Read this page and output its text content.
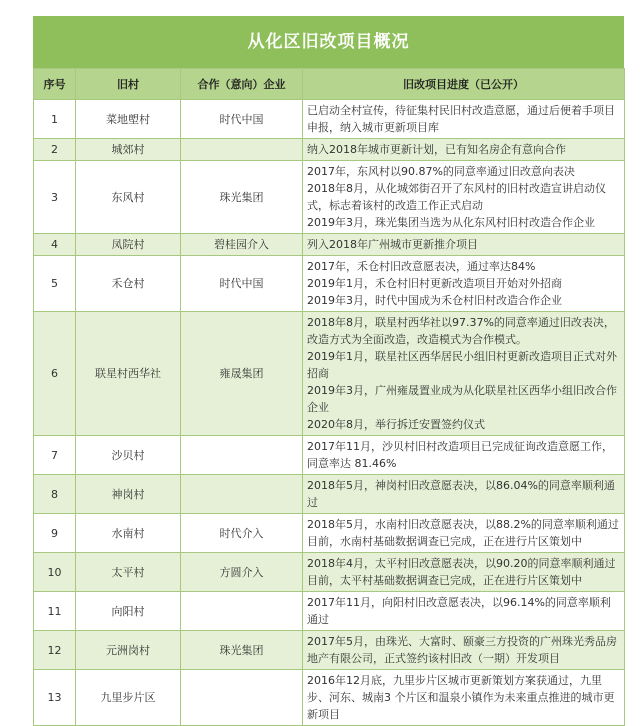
从化区旧改项目概况
序号	旧村	合作（意向）企业	旧改项目进度（已公开）
1	菜地塱村	时代中国	已启动全村宣传，待征集村民旧村改造意愿，通过后便着手项目申报，纳入城市更新项目库

2	城郊村		纳入2018年城市更新计划，已有知名房企有意向合作

3	东风村	珠光集团	2017年，东风村以90.87%的同意率通过旧改意向表决
2018年8月，从化城郊街召开了东风村的旧村改造宣讲启动仪式，标志着该村的改造工作正式启动
2019年3月，珠光集团当选为从化东风村旧村改造合作企业

4	凤院村	碧桂园介入	列入2018年广州城市更新推介项目

5	禾仓村	时代中国	2017年，禾仓村旧改意愿表决，通过率达84%
2019年1月，禾仓村旧村更新改造项目开始对外招商
2019年3月，时代中国成为禾仓村旧村改造合作企业

6	联星村西华社	雍晟集团	2018年8月，联星村西华社以97.37%的同意率通过旧改表决，改造方式为全面改造，改造模式为合作模式。
2019年1月，联星社区西华居民小组旧村更新改造项目正式对外招商
2019年3月，广州雍晟置业成为从化联星社区西华小组旧改合作企业
2020年8月，举行拆迁安置签约仪式

7	沙贝村		2017年11月，沙贝村旧村改造项目已完成征询改造意愿工作，同意率达 81.46%

8	神岗村		2018年5月，神岗村旧改意愿表决，以86.04%的同意率顺利通过

9	水南村	时代介入	2018年5月，水南村旧改意愿表决，以88.2%的同意率顺利通过
目前，水南村基础数据调查已完成，正在进行片区策划中

10	太平村	方圆介入	2018年4月，太平村旧改意愿表决，以90.20的同意率顺利通过
目前，太平村基础数据调查已完成，正在进行片区策划中

11	向阳村		2017年11月，向阳村旧改意愿表决，以96.14%的同意率顺利通过

12	元洲岗村	珠光集团	2017年5月，由珠光、大富时、颐豪三方投资的广州珠光秀品房地产有限公司，正式签约该村旧改（一期）开发项目

13	九里步片区		2016年12月底，九里步片区城市更新策划方案获通过，九里步、河东、城南3 个片区和温泉小镇作为未来重点推进的城市更新项目
